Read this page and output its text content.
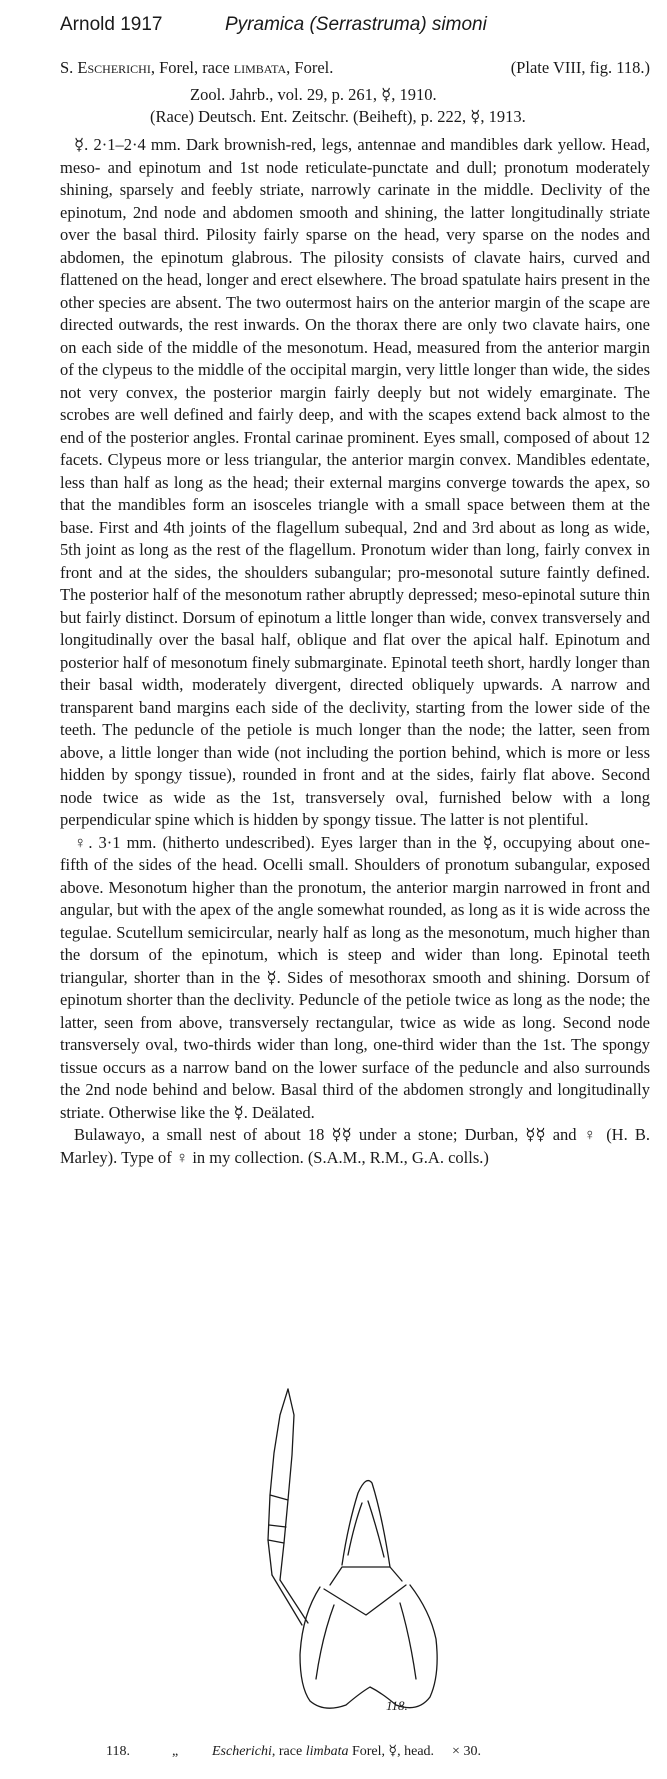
Arnold 1917	Pyramica (Serrastruma) simoni
(Plate VIII, fig. 118.)
S. Escherichi, Forel, race limbata, Forel.
Zool. Jahrb., vol. 29, p. 261, ☿, 1910.
(Race) Deutsch. Ent. Zeitschr. (Beiheft), p. 222, ☿, 1913.

☿. 2·1–2·4 mm. Dark brownish-red, legs, antennae and mandibles dark yellow. Head, meso- and epinotum and 1st node reticulate-punctate and dull; pronotum moderately shining, sparsely and feebly striate, narrowly carinate in the middle. Declivity of the epinotum, 2nd node and abdomen smooth and shining, the latter longitudinally striate over the basal third. Pilosity fairly sparse on the head, very sparse on the nodes and abdomen, the epinotum glabrous. The pilosity consists of clavate hairs, curved and flattened on the head, longer and erect elsewhere. The broad spatulate hairs present in the other species are absent. The two outermost hairs on the anterior margin of the scape are directed outwards, the rest inwards. On the thorax there are only two clavate hairs, one on each side of the middle of the mesonotum. Head, measured from the anterior margin of the clypeus to the middle of the occipital margin, very little longer than wide, the sides not very convex, the posterior margin fairly deeply but not widely emarginate. The scrobes are well defined and fairly deep, and with the scapes extend back almost to the end of the posterior angles. Frontal carinae prominent. Eyes small, composed of about 12 facets. Clypeus more or less triangular, the anterior margin convex. Mandibles edentate, less than half as long as the head; their external margins converge towards the apex, so that the mandibles form an isosceles triangle with a small space between them at the base. First and 4th joints of the flagellum subequal, 2nd and 3rd about as long as wide, 5th joint as long as the rest of the flagellum. Pronotum wider than long, fairly convex in front and at the sides, the shoulders subangular; pro-mesonotal suture faintly defined. The posterior half of the mesonotum rather abruptly depressed; meso-epinotal suture thin but fairly distinct. Dorsum of epinotum a little longer than wide, convex transversely and longitudinally over the basal half, oblique and flat over the apical half. Epinotum and posterior half of mesonotum finely submarginate. Epinotal teeth short, hardly longer than their basal width, moderately divergent, directed obliquely upwards. A narrow and transparent band margins each side of the declivity, starting from the lower side of the teeth. The peduncle of the petiole is much longer than the node; the latter, seen from above, a little longer than wide (not including the portion behind, which is more or less hidden by spongy tissue), rounded in front and at the sides, fairly flat above. Second node twice as wide as the 1st, transversely oval, furnished below with a long perpendicular spine which is hidden by spongy tissue. The latter is not plentiful.

♀. 3·1 mm. (hitherto undescribed). Eyes larger than in the ☿, occupying about one-fifth of the sides of the head. Ocelli small. Shoulders of pronotum subangular, exposed above. Mesonotum higher than the pronotum, the anterior margin narrowed in front and angular, but with the apex of the angle somewhat rounded, as long as it is wide across the tegulae. Scutellum semicircular, nearly half as long as the mesonotum, much higher than the dorsum of the epinotum, which is steep and wider than long. Epinotal teeth triangular, shorter than in the ☿. Sides of mesothorax smooth and shining. Dorsum of epinotum shorter than the declivity. Peduncle of the petiole twice as long as the node; the latter, seen from above, transversely rectangular, twice as wide as long. Second node transversely oval, two-thirds wider than long, one-third wider than the 1st. The spongy tissue occurs as a narrow band on the lower surface of the peduncle and also surrounds the 2nd node behind and below. Basal third of the abdomen strongly and longitudinally striate. Otherwise like the ☿. Deälated.

Bulawayo, a small nest of about 18 ☿☿ under a stone; Durban, ☿☿ and ♀ (H. B. Marley). Type of ♀ in my collection. (S.A.M., R.M., G.A. colls.)

118.
118.	„ Escherichi, race limbata Forel, ☿, head. × 30.
